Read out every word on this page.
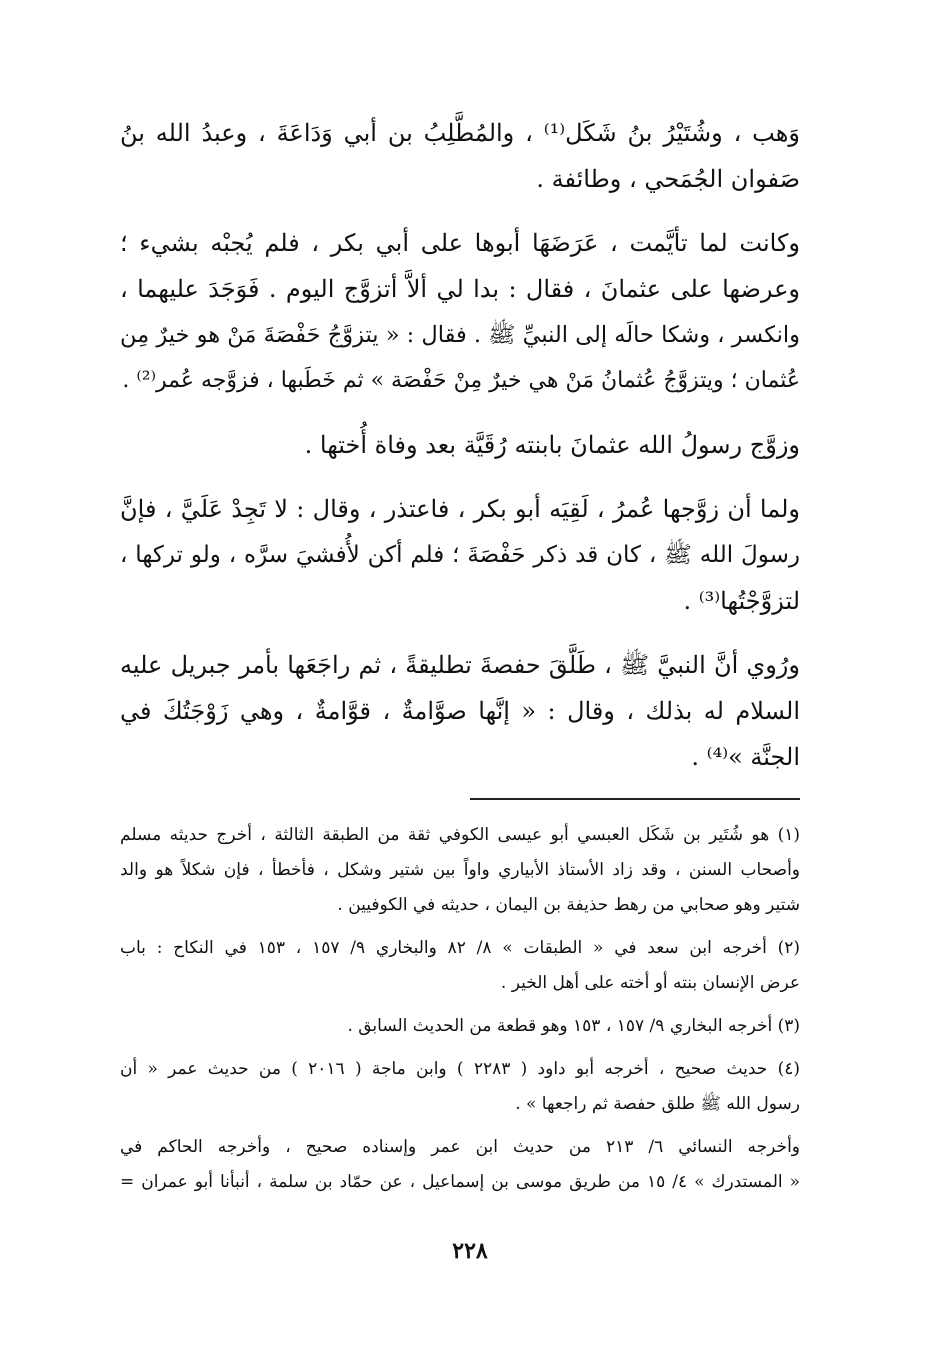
وَهب ، وشُتَيْرُ بنُ شَكَل⁽¹⁾ ، والمُطَّلِبُ بن أبي وَدَاعَةَ ، وعبدُ الله بنُ
صَفوان الجُمَحي ، وطائفة .

وكانت لما تأيَّمت ، عَرَضَهَا أبوها على أبي بكر ، فلم يُجبْه بشيء ؛
وعرضها على عثمانَ ، فقال : بدا لي ألاَّ أتزوَّج اليوم . فَوَجَدَ عليهما ،
وانكسر ، وشكا حالَه إلى النبيِّ ﷺ . فقال : « يتزوَّجُ حَفْصَةَ مَنْ هو خيرٌ مِن
عُثمان ؛ ويتزوَّجُ عُثمانُ مَنْ هي خيرٌ مِنْ حَفْصَة » ثم خَطَبها ، فزوَّجه عُمر⁽²⁾ .

وزوَّج رسولُ الله عثمانَ بابنته رُقَيَّة بعد وفاة أُختها .

ولما أن زوَّجها عُمرُ ، لَقِيَه أبو بكر ، فاعتذر ، وقال : لا تَجِدْ عَلَيَّ ، فإنَّ
رسولَ الله ﷺ ، كان قد ذكر حَفْصَةَ ؛ فلم أكن لأُفشيَ سرَّه ، ولو تركها ،
لتزوَّجْتُها⁽³⁾ .

ورُوي أنَّ النبيَّ ﷺ ، طَلَّقَ حفصةَ تطليقةً ، ثم راجَعَها بأمر جبريل عليه
السلام له بذلك ، وقال : « إنَّها صوَّامةٌ ، قوَّامةٌ ، وهي زَوْجَتُكَ في
الجنَّة »⁽⁴⁾ .

(١) هو شُتَير بن شَكَل العبسي أبو عيسى الكوفي ثقة من الطبقة الثالثة ، أخرج حديثه مسلم
وأصحاب السنن ، وقد زاد الأستاذ الأبياري واواً بين شتير وشكل ، فأخطأ ، فإن شكلاً هو والد
شتير وهو صحابي من رهط حذيفة بن اليمان ، حديثه في الكوفيين .

(٢) أخرجه ابن سعد في « الطبقات » ٨/ ٨٢ والبخاري ٩/ ١٥٧ ، ١٥٣ في النكاح : باب
عرض الإنسان بنته أو أخته على أهل الخير .

(٣) أخرجه البخاري ٩/ ١٥٧ ، ١٥٣ وهو قطعة من الحديث السابق .

(٤) حديث صحيح ، أخرجه أبو داود ( ٢٢٨٣ ) وابن ماجة ( ٢٠١٦ ) من حديث عمر « أن
رسول الله ﷺ طلق حفصة ثم راجعها » .

وأخرجه النسائي ٦/ ٢١٣ من حديث ابن عمر وإسناده صحيح ، وأخرجه الحاكم في
« المستدرك » ٤/ ١٥ من طريق موسى بن إسماعيل ، عن حمّاد بن سلمة ، أنبأنا أبو عمران =

٢٢٨
